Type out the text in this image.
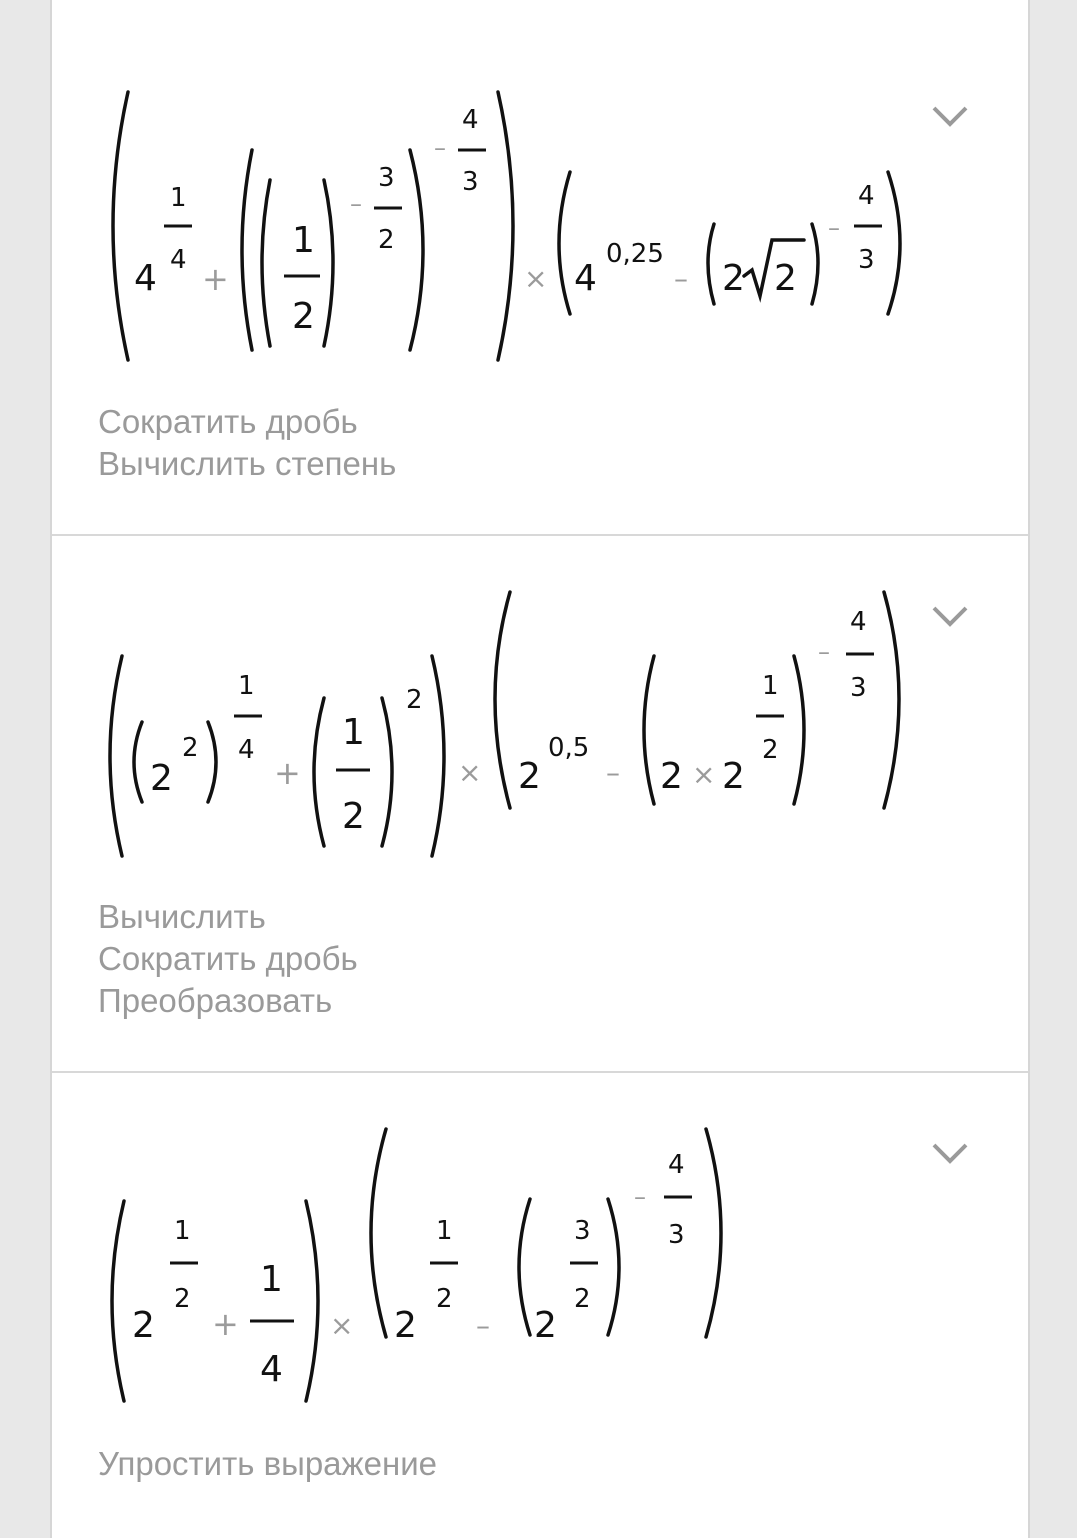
4
1
4 +
1
2
–
3
2
–
4
3
× 4
0,25
– 2 2
–
4
3
Сократить дробь
Вычислить степень
2
2
1
4
+
1
2
2
× 2
0,5
– 2 × 2
1
2
–
4
3
Вычислить
Сократить дробь
Преобразовать
2
1
2
+
1
4
× 2
1
2
– 2
3
2
–
4
3
Упростить выражение
